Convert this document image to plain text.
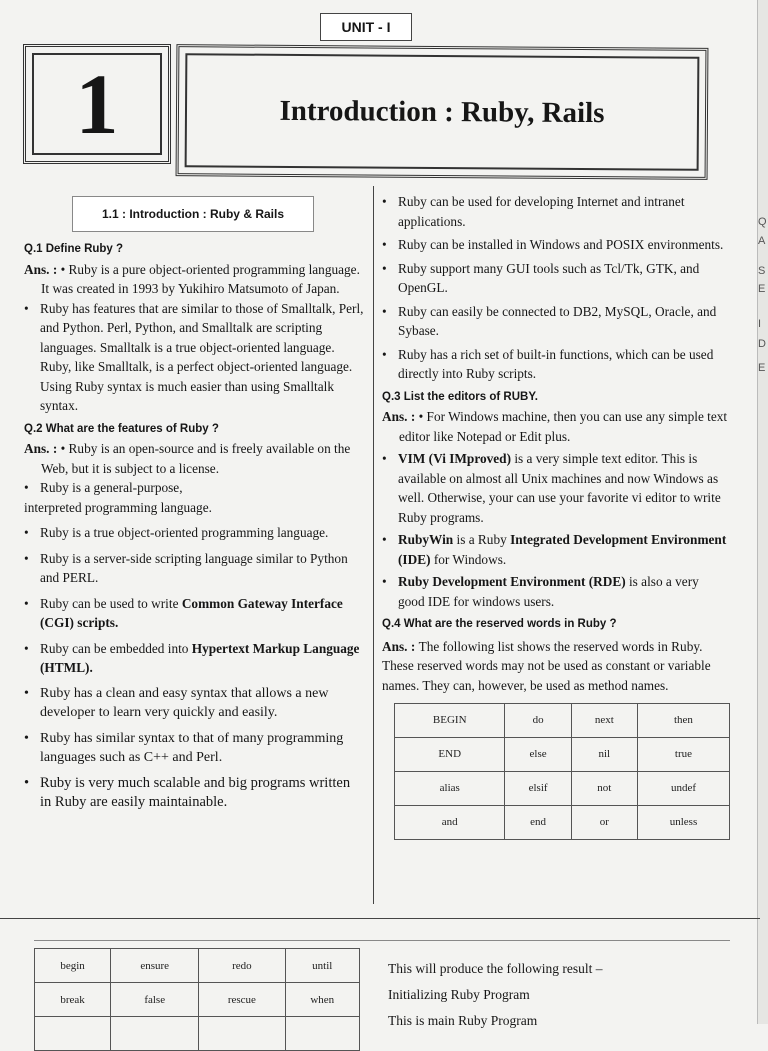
UNIT - I
1	Introduction : Ruby, Rails
Q
A
S
E
I
D
E
1.1 : Introduction : Ruby & Rails

Q.1 Define Ruby ?

Ans. : • Ruby is a pure object-oriented programming language. It was created in 1993 by Yukihiro Matsumoto of Japan.

• Ruby has features that are similar to those of Smalltalk, Perl, and Python. Perl, Python, and Smalltalk are scripting languages. Smalltalk is a true object-oriented language. Ruby, like Smalltalk, is a perfect object-oriented language. Using Ruby syntax is much easier than using Smalltalk syntax.

Q.2 What are the features of Ruby ?

Ans. : • Ruby is an open-source and is freely available on the Web, but it is subject to a license.

• Ruby is a general-purpose,

interpreted programming language.

• Ruby is a true object-oriented programming language.

• Ruby is a server-side scripting language similar to Python and PERL.

• Ruby can be used to write Common Gateway Interface (CGI) scripts.

• Ruby can be embedded into Hypertext Markup Language (HTML).

• Ruby has a clean and easy syntax that allows a new developer to learn very quickly and easily.

• Ruby has similar syntax to that of many programming languages such as C++ and Perl.

• Ruby is very much scalable and big programs written in Ruby are easily maintainable.

• Ruby can be used for developing Internet and intranet applications.

• Ruby can be installed in Windows and POSIX environments.

• Ruby support many GUI tools such as Tcl/Tk, GTK, and OpenGL.

• Ruby can easily be connected to DB2, MySQL, Oracle, and Sybase.

• Ruby has a rich set of built-in functions, which can be used directly into Ruby scripts.

Q.3 List the editors of RUBY.

Ans. : • For Windows machine, then you can use any simple text editor like Notepad or Edit plus.

• VIM (Vi IMproved) is a very simple text editor. This is available on almost all Unix machines and now Windows as well. Otherwise, your can use your favorite vi editor to write Ruby programs.

• RubyWin is a Ruby Integrated Development Environment (IDE) for Windows.

• Ruby Development Environment (RDE) is also a very good IDE for windows users.

Q.4 What are the reserved words in Ruby ?

Ans. : The following list shows the reserved words in Ruby. These reserved words may not be used as constant or variable names. They can, however, be used as method names.

BEGIN	do	next	then
END	else	nil	true
alias	elsif	not	undef
and	end	or	unless
begin	ensure	redo	until
break	false	rescue	when

This will produce the following result –
Initializing Ruby Program
This is main Ruby Program
